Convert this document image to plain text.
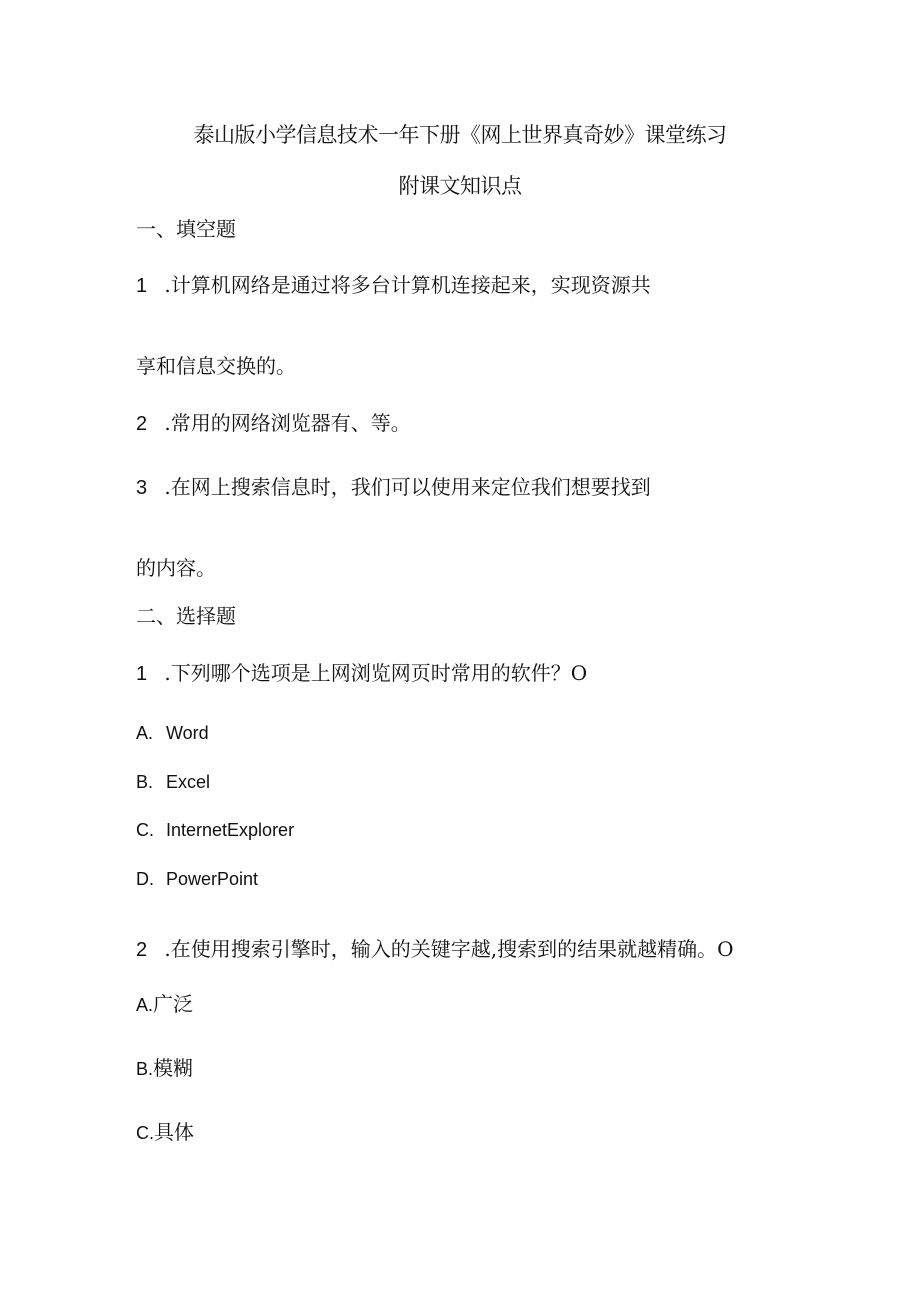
泰山版小学信息技术一年下册《网上世界真奇妙》课堂练习
附课文知识点
一、填空题
1 .计算机网络是通过将多台计算机连接起来，实现资源共
享和信息交换的。
2 .常用的网络浏览器有、等。
3 .在网上搜索信息时，我们可以使用来定位我们想要找到
的内容。
二、选择题
1 .下列哪个选项是上网浏览网页时常用的软件？O
A. Word
B. Excel
C. InternetExplorer
D. PowerPoint
2 .在使用搜索引擎时，输入的关键字越,搜索到的结果就越精确。O
A.广泛
B.模糊
C.具体
